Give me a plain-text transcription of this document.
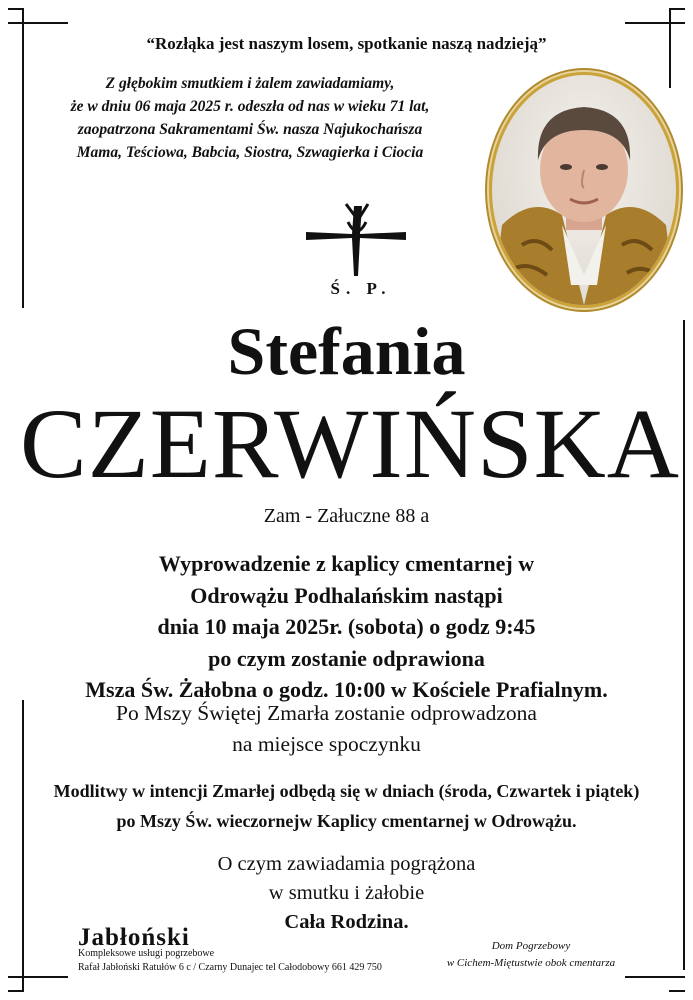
“Rozłąka jest naszym losem, spotkanie naszą nadzieją”
Z głębokim smutkiem i żalem zawiadamiamy,
że w dniu 06 maja 2025 r. odeszła od nas w wieku 71 lat,
zaopatrzona Sakramentami Św. nasza Najukochańsza
Mama, Teściowa, Babcia, Siostra, Szwagierka i Ciocia
Ś. P.
Stefania
CZERWIŃSKA
Zam - Załuczne 88 a
Wyprowadzenie z kaplicy cmentarnej w
Odrowążu Podhalańskim nastąpi
dnia 10 maja 2025r. (sobota) o godz 9:45
po czym zostanie odprawiona
Msza Św. Żałobna o godz. 10:00 w Kościele Prafialnym.
Po Mszy Świętej Zmarła zostanie odprowadzona
na miejsce spoczynku
Modlitwy w intencji Zmarłej odbędą się w dniach (środa, Czwartek i piątek)
po Mszy Św. wieczornejw Kaplicy cmentarnej w Odrowążu.
O czym zawiadamia pogrążona
w smutku i żałobie
Cała Rodzina.
Jabłoński
Kompleksowe usługi pogrzebowe
Rafał Jabłoński Ratułów 6 c / Czarny Dunajec tel Całodobowy 661 429 750
Dom Pogrzebowy
w Cichem-Miętustwie obok cmentarza
